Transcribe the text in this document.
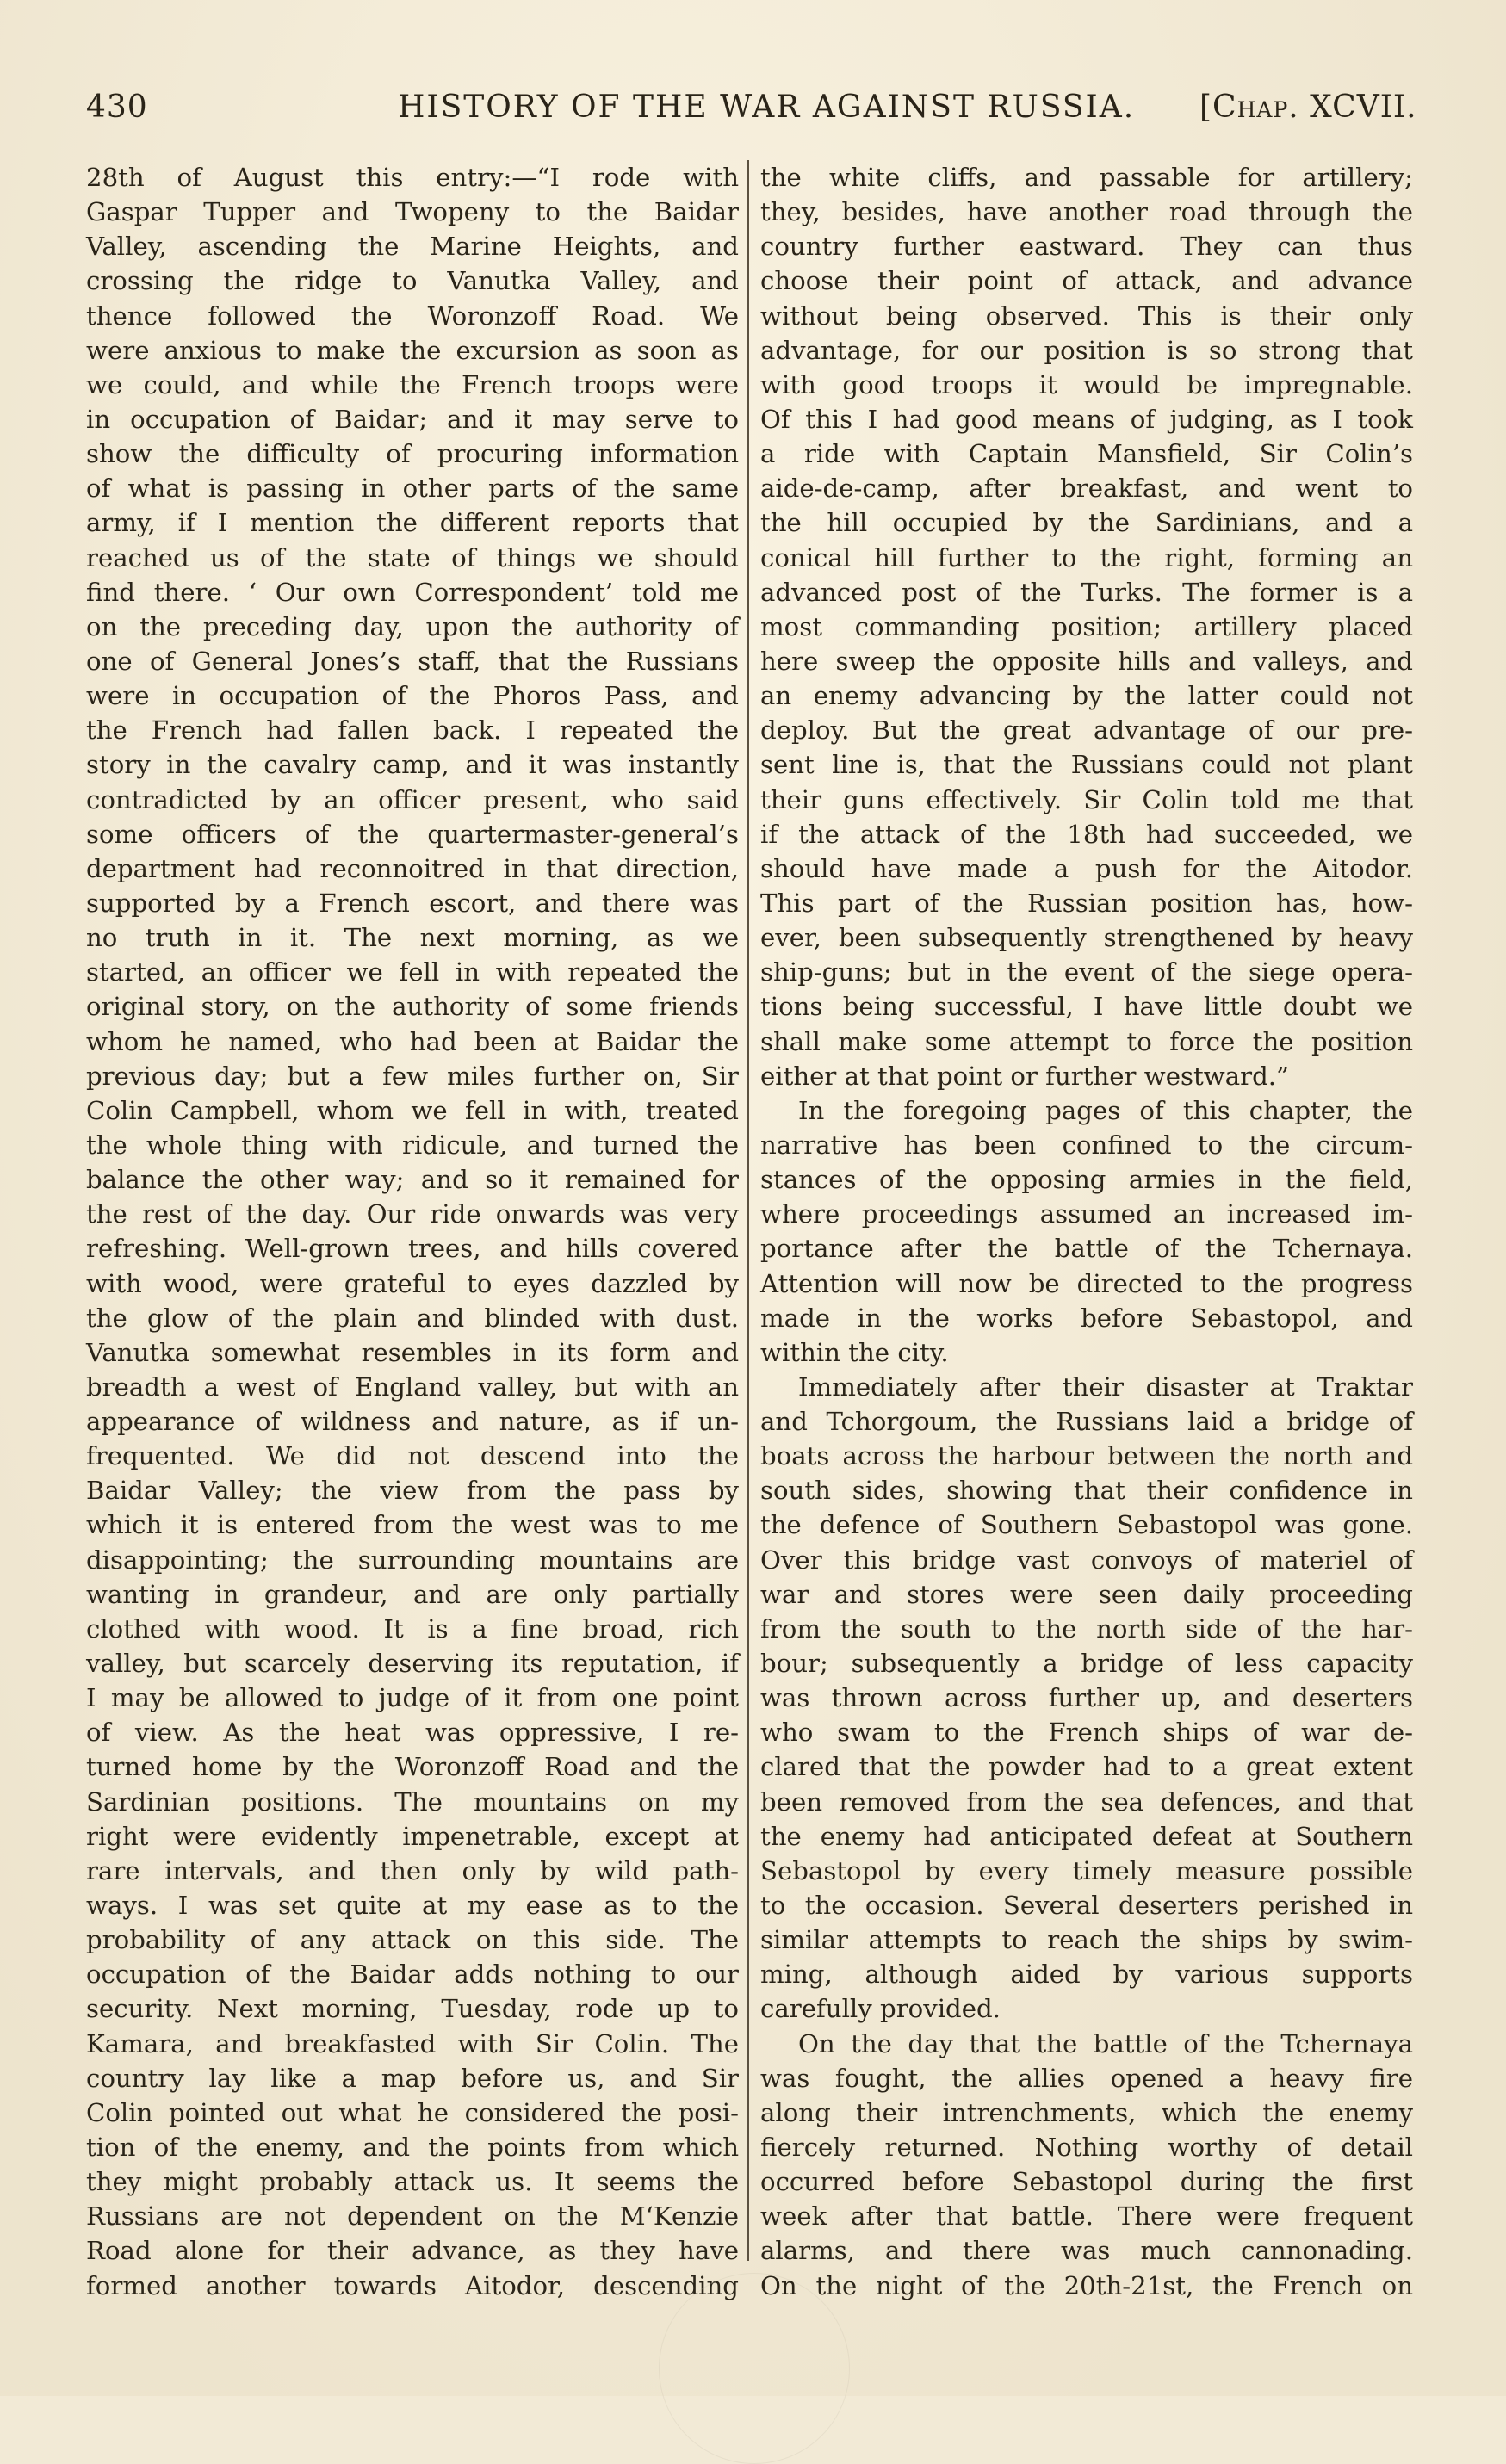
430	HISTORY OF THE WAR AGAINST RUSSIA. [Chap. XCVII.
28th of August this entry:—“I rode with
Gaspar Tupper and Twopeny to the Baidar
Valley, ascending the Marine Heights, and
crossing the ridge to Vanutka Valley, and
thence followed the Woronzoff Road. We
were anxious to make the excursion as soon as
we could, and while the French troops were
in occupation of Baidar; and it may serve to
show the difficulty of procuring information
of what is passing in other parts of the same
army, if I mention the different reports that
reached us of the state of things we should
find there. ‘ Our own Correspondent’ told me
on the preceding day, upon the authority of
one of General Jones’s staff, that the Russians
were in occupation of the Phoros Pass, and
the French had fallen back. I repeated the
story in the cavalry camp, and it was instantly
contradicted by an officer present, who said
some officers of the quartermaster-general’s
department had reconnoitred in that direction,
supported by a French escort, and there was
no truth in it. The next morning, as we
started, an officer we fell in with repeated the
original story, on the authority of some friends
whom he named, who had been at Baidar the
previous day; but a few miles further on, Sir
Colin Campbell, whom we fell in with, treated
the whole thing with ridicule, and turned the
balance the other way; and so it remained for
the rest of the day. Our ride onwards was very
refreshing. Well-grown trees, and hills covered
with wood, were grateful to eyes dazzled by
the glow of the plain and blinded with dust.
Vanutka somewhat resembles in its form and
breadth a west of England valley, but with an
appearance of wildness and nature, as if un-
frequented. We did not descend into the
Baidar Valley; the view from the pass by
which it is entered from the west was to me
disappointing; the surrounding mountains are
wanting in grandeur, and are only partially
clothed with wood. It is a fine broad, rich
valley, but scarcely deserving its reputation, if
I may be allowed to judge of it from one point
of view. As the heat was oppressive, I re-
turned home by the Woronzoff Road and the
Sardinian positions. The mountains on my
right were evidently impenetrable, except at
rare intervals, and then only by wild path-
ways. I was set quite at my ease as to the
probability of any attack on this side. The
occupation of the Baidar adds nothing to our
security. Next morning, Tuesday, rode up to
Kamara, and breakfasted with Sir Colin. The
country lay like a map before us, and Sir
Colin pointed out what he considered the posi-
tion of the enemy, and the points from which
they might probably attack us. It seems the
Russians are not dependent on the M‘Kenzie
Road alone for their advance, as they have
formed another towards Aitodor, descending
the white cliffs, and passable for artillery;
they, besides, have another road through the
country further eastward. They can thus
choose their point of attack, and advance
without being observed. This is their only
advantage, for our position is so strong that
with good troops it would be impregnable.
Of this I had good means of judging, as I took
a ride with Captain Mansfield, Sir Colin’s
aide-de-camp, after breakfast, and went to
the hill occupied by the Sardinians, and a
conical hill further to the right, forming an
advanced post of the Turks. The former is a
most commanding position; artillery placed
here sweep the opposite hills and valleys, and
an enemy advancing by the latter could not
deploy. But the great advantage of our pre-
sent line is, that the Russians could not plant
their guns effectively. Sir Colin told me that
if the attack of the 18th had succeeded, we
should have made a push for the Aitodor.
This part of the Russian position has, how-
ever, been subsequently strengthened by heavy
ship-guns; but in the event of the siege opera-
tions being successful, I have little doubt we
shall make some attempt to force the position
either at that point or further westward.”
In the foregoing pages of this chapter, the
narrative has been confined to the circum-
stances of the opposing armies in the field,
where proceedings assumed an increased im-
portance after the battle of the Tchernaya.
Attention will now be directed to the progress
made in the works before Sebastopol, and
within the city.
Immediately after their disaster at Traktar
and Tchorgoum, the Russians laid a bridge of
boats across the harbour between the north and
south sides, showing that their confidence in
the defence of Southern Sebastopol was gone.
Over this bridge vast convoys of materiel of
war and stores were seen daily proceeding
from the south to the north side of the har-
bour; subsequently a bridge of less capacity
was thrown across further up, and deserters
who swam to the French ships of war de-
clared that the powder had to a great extent
been removed from the sea defences, and that
the enemy had anticipated defeat at Southern
Sebastopol by every timely measure possible
to the occasion. Several deserters perished in
similar attempts to reach the ships by swim-
ming, although aided by various supports
carefully provided.
On the day that the battle of the Tchernaya
was fought, the allies opened a heavy fire
along their intrenchments, which the enemy
fiercely returned. Nothing worthy of detail
occurred before Sebastopol during the first
week after that battle. There were frequent
alarms, and there was much cannonading.
On the night of the 20th-21st, the French on
